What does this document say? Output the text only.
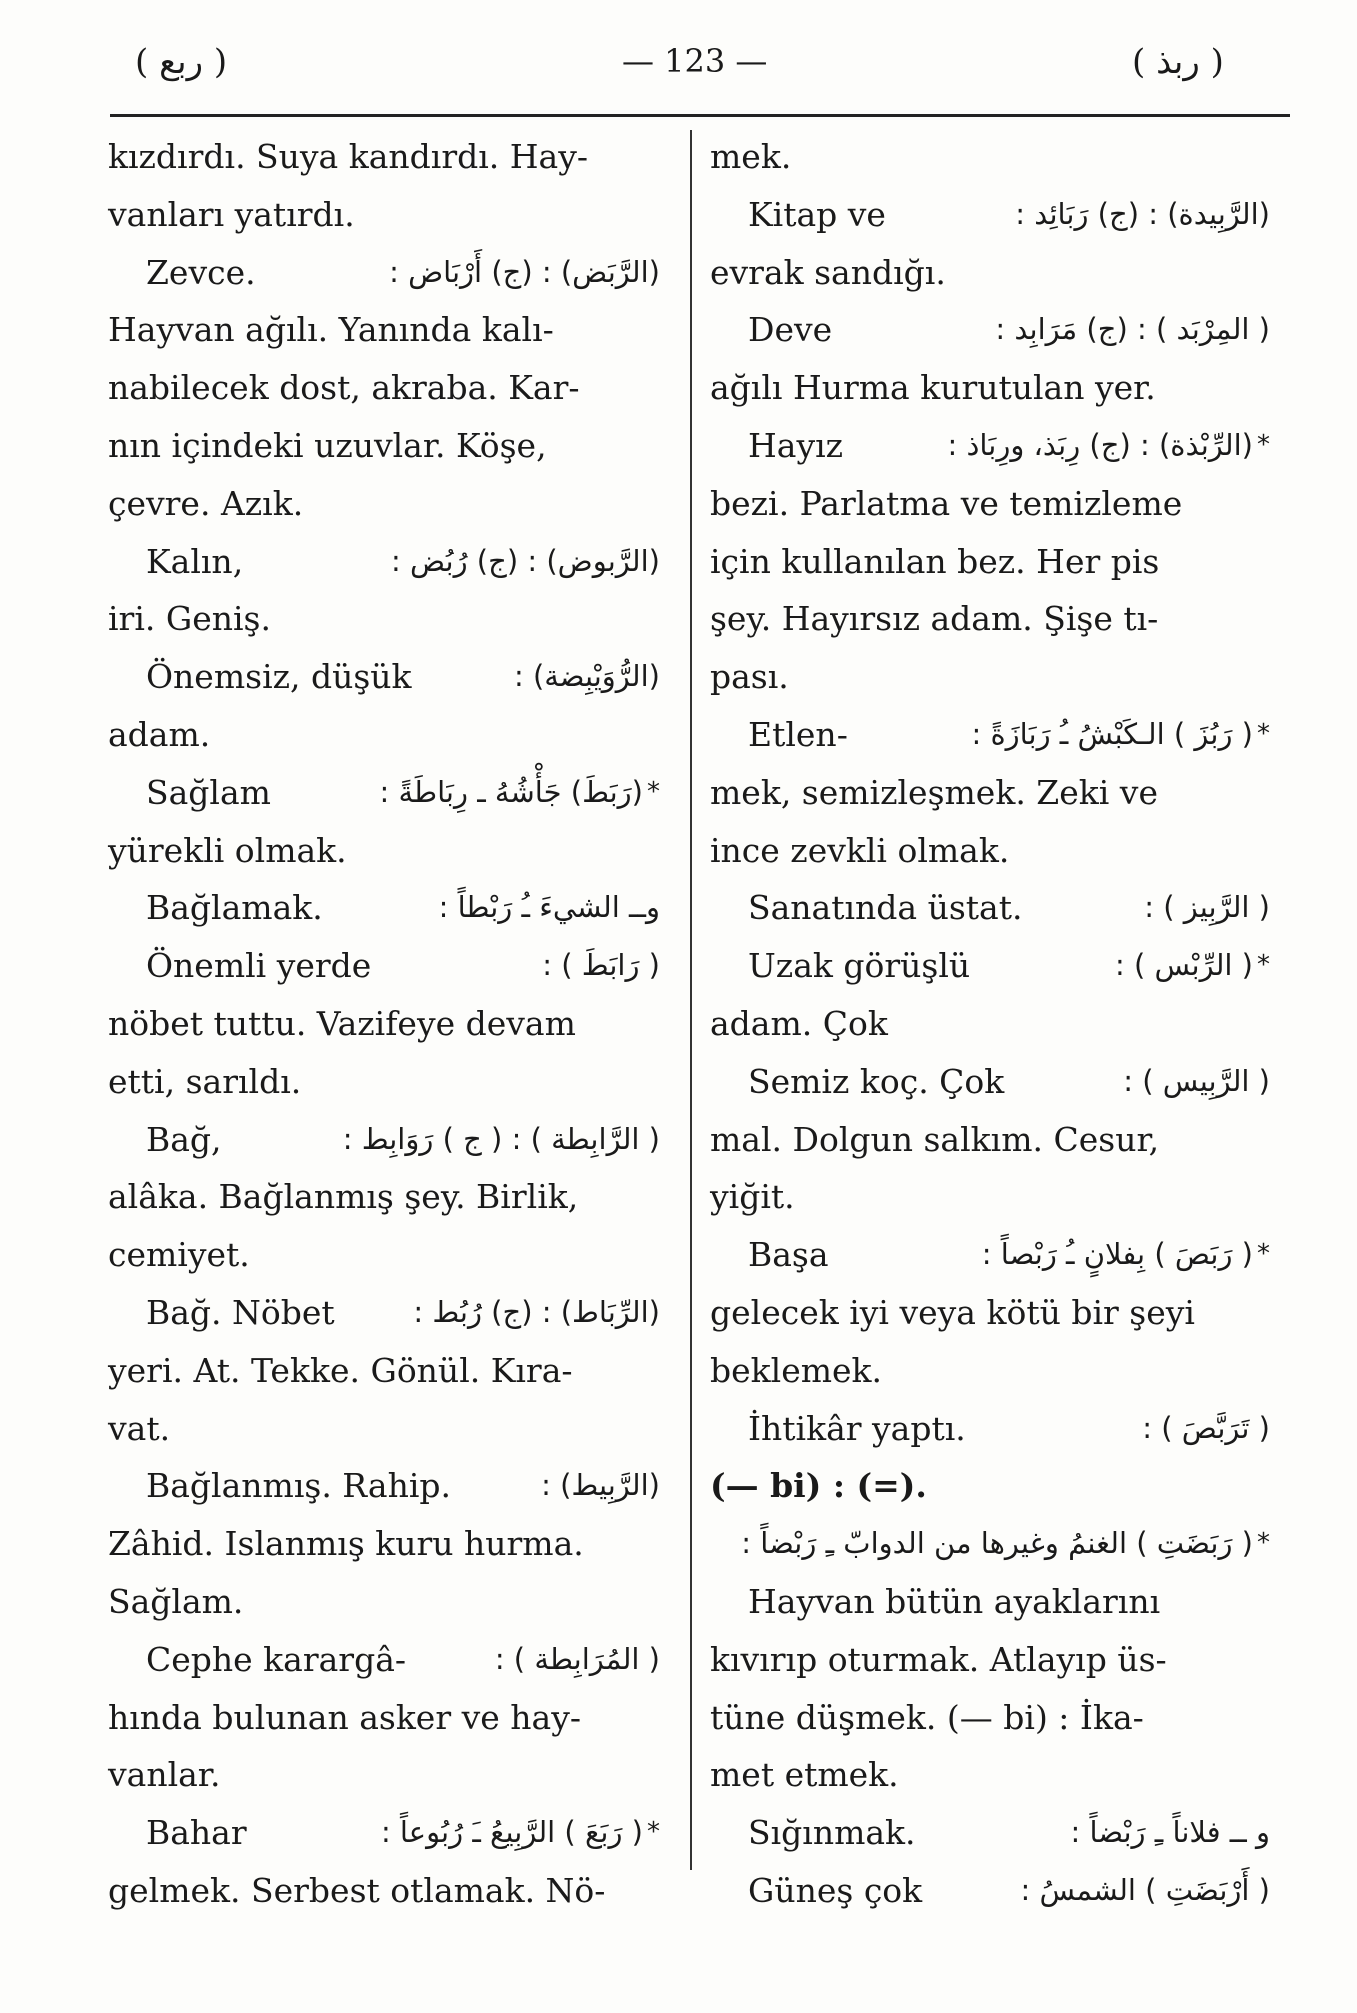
( ربع )	— 123 —	( ربذ )
kızdırdı. Suya kandırdı. Hay-
vanları yatırdı.
Zevce.	(الرَّبَض) : (ج) أَرْبَاض :
Hayvan ağılı. Yanında kalı-
nabilecek dost, akraba. Kar-
nın içindeki uzuvlar. Köşe,
çevre. Azık.
Kalın,	(الرَّبوض) : (ج) رُبُض :
iri. Geniş.
Önemsiz, düşük	(الرُّوَيْبِضة) :
adam.
Sağlam	(رَبَطَ) جَأْشُهُ ـ رِبَاطَةً : *
yürekli olmak.
Bağlamak.	وــ الشيءَ ـُ رَبْطاً :
Önemli yerde	( رَابَطَ ) :
nöbet tuttu. Vazifeye devam
etti, sarıldı.
Bağ,	( الرَّابِطة ) : ( ج ) رَوَابِط :
alâka. Bağlanmış şey. Birlik,
cemiyet.
Bağ. Nöbet	(الرِّبَاط) : (ج) رُبُط :
yeri. At. Tekke. Gönül. Kıra-
vat.
Bağlanmış. Rahip.	(الرَّبِيط) :
Zâhid. Islanmış kuru hurma.
Sağlam.
Cephe karargâ-	( المُرَابِطة ) :
hında bulunan asker ve hay-
vanlar.
Bahar	( رَبَعَ ) الرَّبِيعُ ـَ رُبُوعاً : *
gelmek. Serbest otlamak. Nö-
mek.
Kitap ve	(الرَّبِيدة) : (ج) رَبَائِد :
evrak sandığı.
Deve	( المِرْبَد ) : (ج) مَرَابِد :
ağılı Hurma kurutulan yer.
Hayız	(الرِّبْذة) : (ج) رِبَذ، ورِبَاذ : *
bezi. Parlatma ve temizleme
için kullanılan bez. Her pis
şey. Hayırsız adam. Şişe tı-
pası.
Etlen-	( رَبُزَ ) الـكَبْشُ ـُ رَبَازَةً : *
mek, semizleşmek. Zeki ve
ince zevkli olmak.
Sanatında üstat.	( الرَّبِيز ) :
Uzak görüşlü	( الرِّبْس ) : *
adam. Çok
Semiz koç. Çok	( الرَّبِيس ) :
mal. Dolgun salkım. Cesur,
yiğit.
Başa	( رَبَصَ ) بِفلانٍ ـُ رَبْصاً : *
gelecek iyi veya kötü bir şeyi
beklemek.
İhtikâr yaptı.	( تَرَبَّصَ ) :
(— bi) : (=).
( رَبَضَتِ ) الغنمُ وغيرها من الدوابّ ـِ رَبْضاً : *
Hayvan bütün ayaklarını
kıvırıp oturmak. Atlayıp üs-
tüne düşmek. (— bi) : İka-
met etmek.
Sığınmak.	و ــ فلاناً ـِ رَبْضاً :
Güneş çok	( أَرْبَضَتِ ) الشمسُ :
